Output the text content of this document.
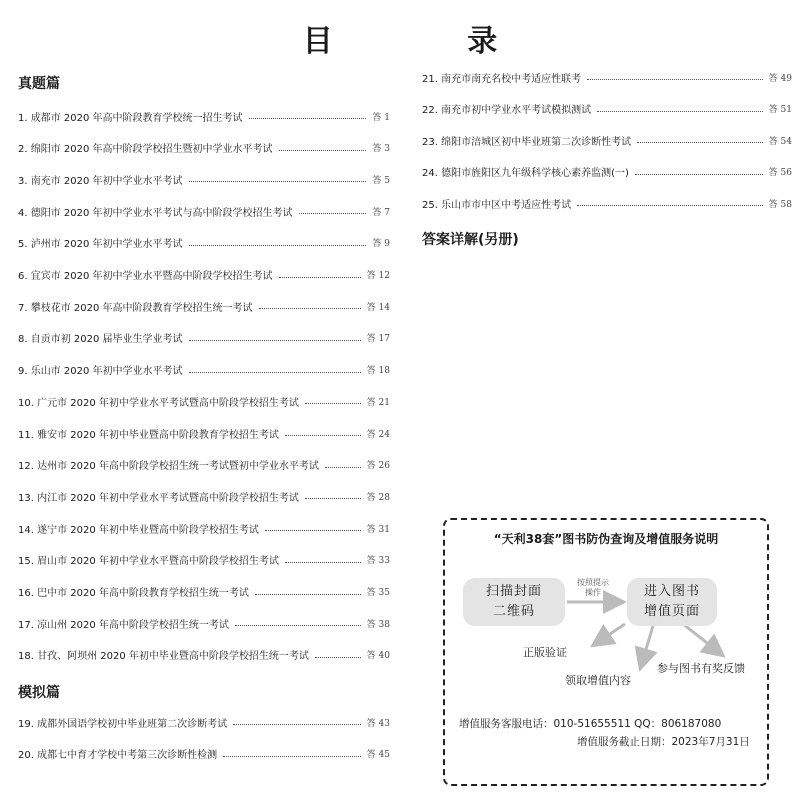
目 录
真题篇
1. 成都市 2020 年高中阶段教育学校统一招生考试	答 1
2. 绵阳市 2020 年高中阶段学校招生暨初中学业水平考试	答 3
3. 南充市 2020 年初中学业水平考试	答 5
4. 德阳市 2020 年初中学业水平考试与高中阶段学校招生考试	答 7
5. 泸州市 2020 年初中学业水平考试	答 9
6. 宜宾市 2020 年初中学业水平暨高中阶段学校招生考试	答 12
7. 攀枝花市 2020 年高中阶段教育学校招生统一考试	答 14
8. 自贡市初 2020 届毕业生学业考试	答 17
9. 乐山市 2020 年初中学业水平考试	答 18
10. 广元市 2020 年初中学业水平考试暨高中阶段学校招生考试	答 21
11. 雅安市 2020 年初中毕业暨高中阶段教育学校招生考试	答 24
12. 达州市 2020 年高中阶段学校招生统一考试暨初中学业水平考试	答 26
13. 内江市 2020 年初中学业水平考试暨高中阶段学校招生考试	答 28
14. 遂宁市 2020 年初中毕业暨高中阶段学校招生考试	答 31
15. 眉山市 2020 年初中学业水平暨高中阶段学校招生考试	答 33
16. 巴中市 2020 年高中阶段教育学校招生统一考试	答 35
17. 凉山州 2020 年高中阶段学校招生统一考试	答 38
18. 甘孜、阿坝州 2020 年初中毕业暨高中阶段学校招生统一考试	答 40
模拟篇
19. 成都外国语学校初中毕业班第二次诊断考试	答 43
20. 成都七中育才学校中考第三次诊断性检测	答 45
21. 南充市南充名校中考适应性联考	答 49
22. 南充市初中学业水平考试模拟测试	答 51
23. 绵阳市涪城区初中毕业班第二次诊断性考试	答 54
24. 德阳市旌阳区九年级科学核心素养监测(一)	答 56
25. 乐山市市中区中考适应性考试	答 58
答案详解(另册)
“天利38套”图书防伪查询及增值服务说明
扫描封面
二维码
按照提示
操作	进入图书
增值页面
正版验证
领取增值内容
参与图书有奖反馈
增值服务客服电话：010-51655511 QQ：806187080
增值服务截止日期：2023年7月31日
